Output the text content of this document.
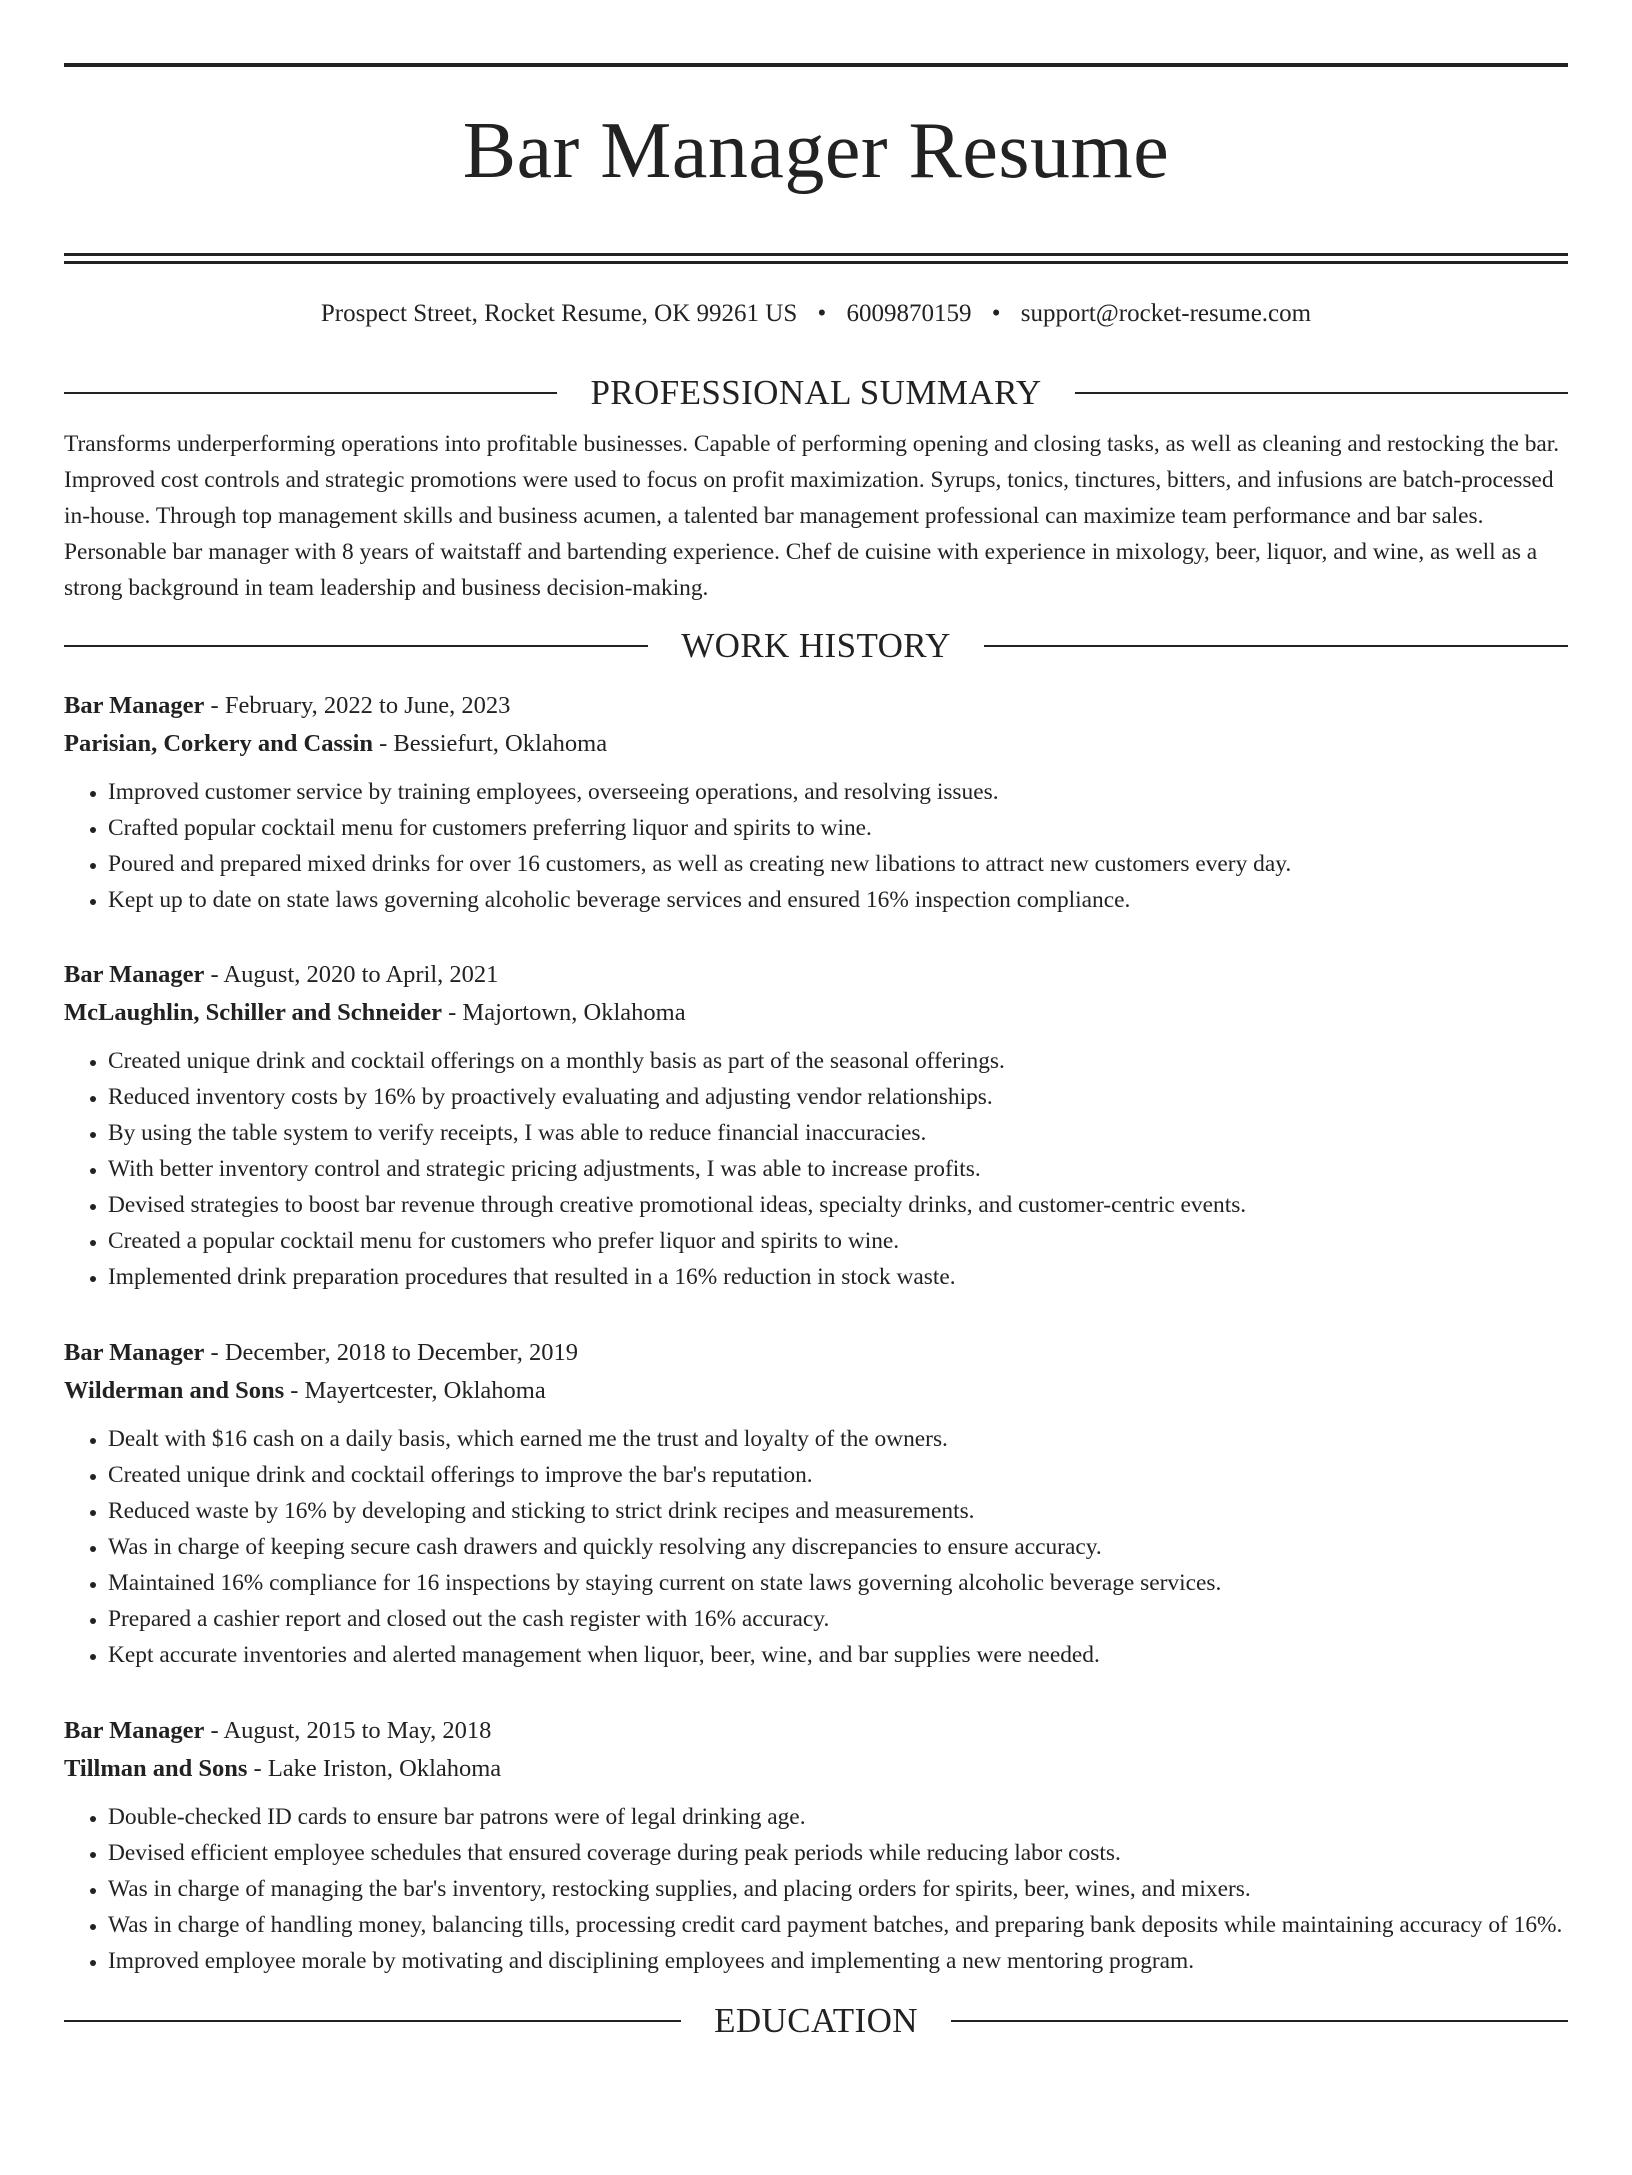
Bar Manager Resume
Prospect Street, Rocket Resume, OK 99261 US • 6009870159 • support@rocket-resume.com
PROFESSIONAL SUMMARY

Transforms underperforming operations into profitable businesses. Capable of performing opening and closing tasks, as well as cleaning and restocking the bar. Improved cost controls and strategic promotions were used to focus on profit maximization. Syrups, tonics, tinctures, bitters, and infusions are batch-processed in-house. Through top management skills and business acumen, a talented bar management professional can maximize team performance and bar sales. Personable bar manager with 8 years of waitstaff and bartending experience. Chef de cuisine with experience in mixology, beer, liquor, and wine, as well as a strong background in team leadership and business decision-making.

WORK HISTORY
Bar Manager - February, 2022 to June, 2023
Parisian, Corkery and Cassin - Bessiefurt, Oklahoma
• Improved customer service by training employees, overseeing operations, and resolving issues.
• Crafted popular cocktail menu for customers preferring liquor and spirits to wine.
• Poured and prepared mixed drinks for over 16 customers, as well as creating new libations to attract new customers every day.
• Kept up to date on state laws governing alcoholic beverage services and ensured 16% inspection compliance.
Bar Manager - August, 2020 to April, 2021
McLaughlin, Schiller and Schneider - Majortown, Oklahoma
• Created unique drink and cocktail offerings on a monthly basis as part of the seasonal offerings.
• Reduced inventory costs by 16% by proactively evaluating and adjusting vendor relationships.
• By using the table system to verify receipts, I was able to reduce financial inaccuracies.
• With better inventory control and strategic pricing adjustments, I was able to increase profits.
• Devised strategies to boost bar revenue through creative promotional ideas, specialty drinks, and customer-centric events.
• Created a popular cocktail menu for customers who prefer liquor and spirits to wine.
• Implemented drink preparation procedures that resulted in a 16% reduction in stock waste.
Bar Manager - December, 2018 to December, 2019
Wilderman and Sons - Mayertcester, Oklahoma
• Dealt with $16 cash on a daily basis, which earned me the trust and loyalty of the owners.
• Created unique drink and cocktail offerings to improve the bar's reputation.
• Reduced waste by 16% by developing and sticking to strict drink recipes and measurements.
• Was in charge of keeping secure cash drawers and quickly resolving any discrepancies to ensure accuracy.
• Maintained 16% compliance for 16 inspections by staying current on state laws governing alcoholic beverage services.
• Prepared a cashier report and closed out the cash register with 16% accuracy.
• Kept accurate inventories and alerted management when liquor, beer, wine, and bar supplies were needed.
Bar Manager - August, 2015 to May, 2018
Tillman and Sons - Lake Iriston, Oklahoma
• Double-checked ID cards to ensure bar patrons were of legal drinking age.
• Devised efficient employee schedules that ensured coverage during peak periods while reducing labor costs.
• Was in charge of managing the bar's inventory, restocking supplies, and placing orders for spirits, beer, wines, and mixers.
• Was in charge of handling money, balancing tills, processing credit card payment batches, and preparing bank deposits while maintaining accuracy of 16%.
• Improved employee morale by motivating and disciplining employees and implementing a new mentoring program.
EDUCATION
